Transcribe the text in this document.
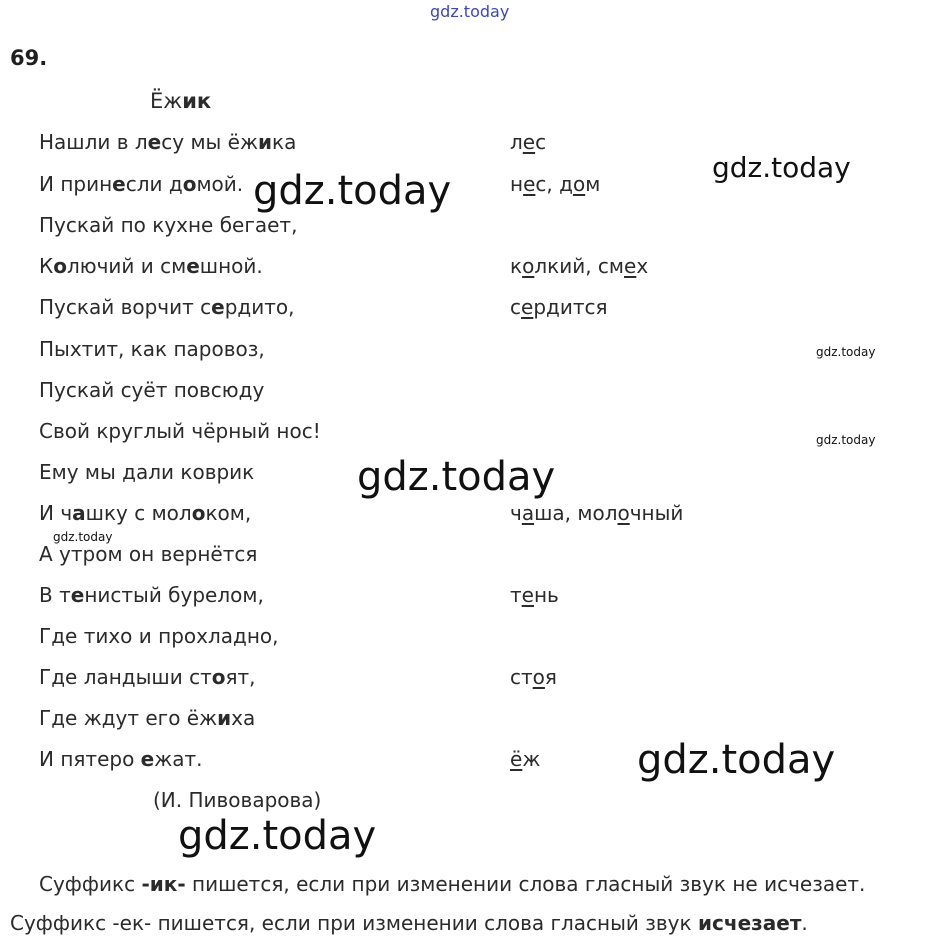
gdz.today
69.
Ёжик
Нашли в лесу мы ёжика
И принесли домой.
Пускай по кухне бегает,
Колючий и смешной.
Пускай ворчит сердито,
Пыхтит, как паровоз,
Пускай суёт повсюду
Свой круглый чёрный нос!
Ему мы дали коврик
И чашку с молоком,
А утром он вернётся
В тенистый бурелом,
Где тихо и прохладно,
Где ландыши стоят,
Где ждут его ёжиха
И пятеро ежат.
лес
нес, дом
колкий, смех
сердится
чаша, молочный
тень
стоя
ёж
(И. Пивоварова)
Суффикс -ик- пишется, если при изменении слова гласный звук не исчезает.
Суффикс -ек- пишется, если при изменении слова гласный звук исчезает.
gdz.today
gdz.today
gdz.today
gdz.today
gdz.today
gdz.today
gdz.today
gdz.today
